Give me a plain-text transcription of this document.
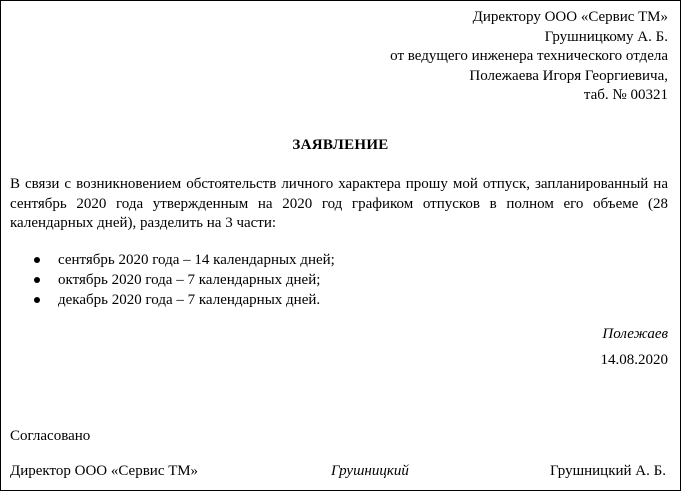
Директору ООО «Сервис ТМ»
Грушницкому А. Б.
от ведущего инженера технического отдела
Полежаева Игоря Георгиевича,
таб. № 00321
ЗАЯВЛЕНИЕ
В связи с возникновением обстоятельств личного характера прошу мой отпуск, запланированный на сентябрь 2020 года утвержденным на 2020 год графиком отпусков в полном его объеме (28 календарных дней), разделить на 3 части:
сентябрь 2020 года – 14 календарных дней;
октябрь 2020 года – 7 календарных дней;
декабрь 2020 года – 7 календарных дней.
Полежаев
14.08.2020
Согласовано
Директор ООО «Сервис ТМ»	Грушницкий	Грушницкий А. Б.
